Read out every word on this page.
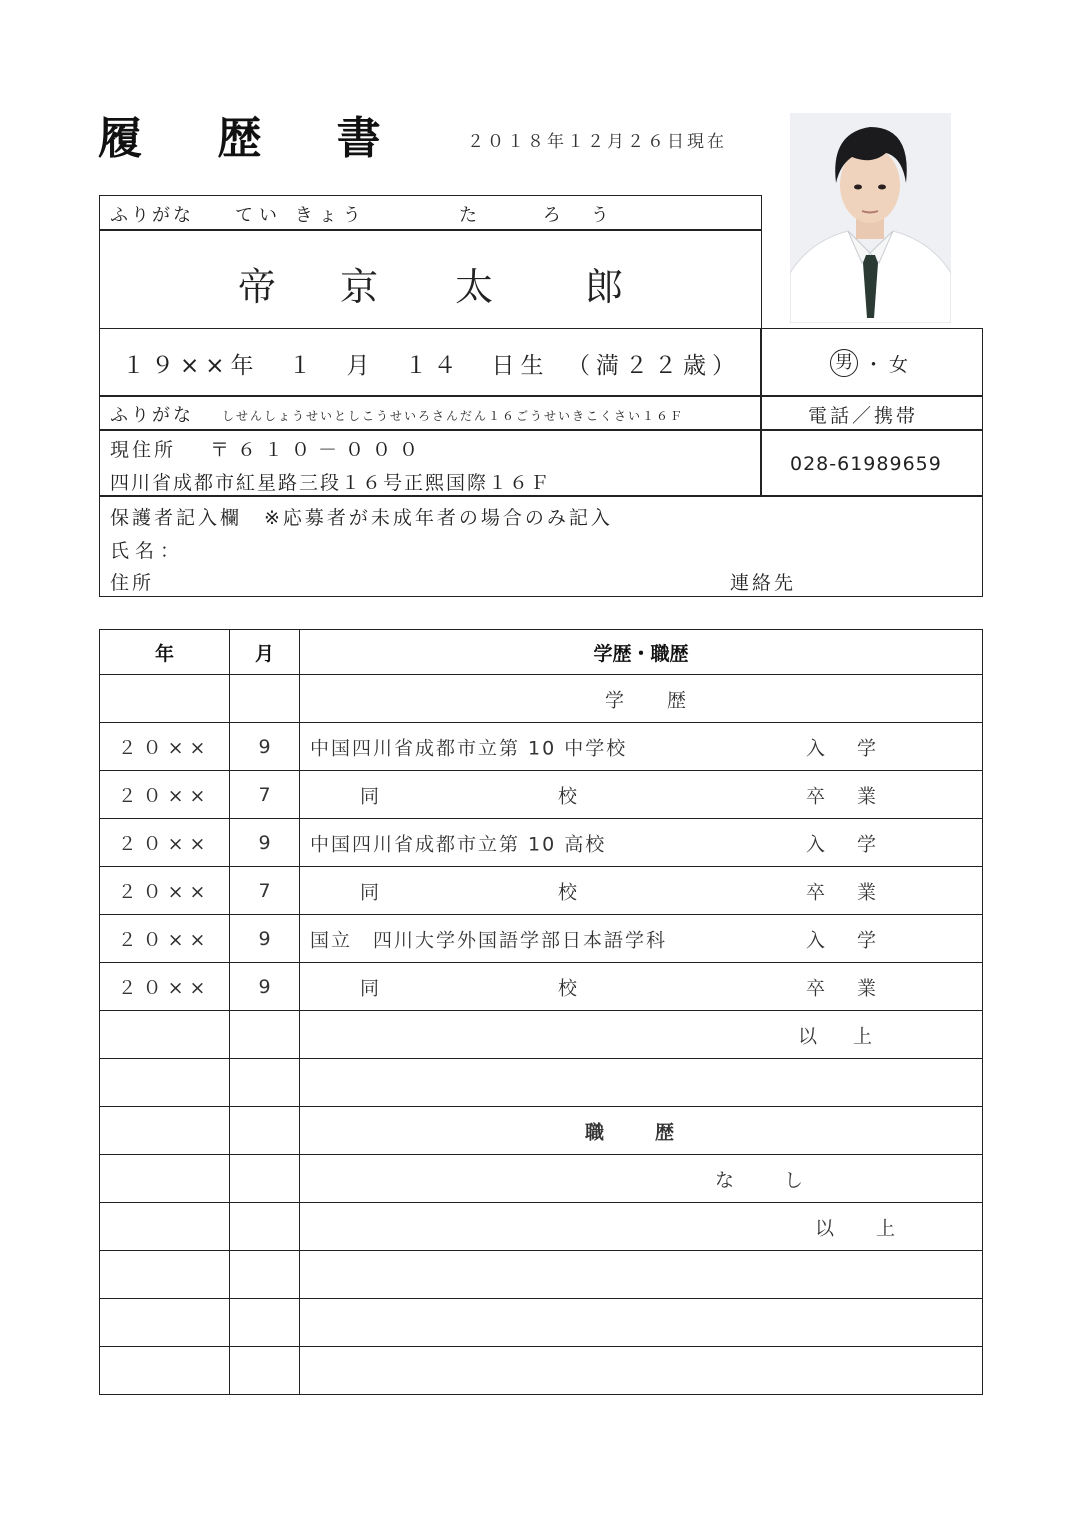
履 歴 書	２０１８年１２月２６日現在
ふりがな てい きょう	た ろう
帝 京 太 郎
１９××年　１　月　１４　日生　（満２２歳）	男 ・女
ふりがな しせんしょうせいとしこうせいろさんだん１６ごうせいきこくさい１６Ｆ	電話／携帯
現住所 〒６１０－０００
四川省成都市紅星路三段１６号正熙国際１６Ｆ
028-61989659
保護者記入欄　※応募者が未成年者の場合のみ記入
氏名：
住所	連絡先
年	月	学歴・職歴

		学　歴

２０××	9	中国四川省成都市立第 10 中学校 入学

２０××	7	同 校 卒業

２０××	9	中国四川省成都市立第 10 高校 入学

２０××	7	同 校 卒業

２０××	9	国立　四川大学外国語学部日本語学科 入学

２０××	9	同 校 卒業

		以上

		職　歴

		な し

		以 上
